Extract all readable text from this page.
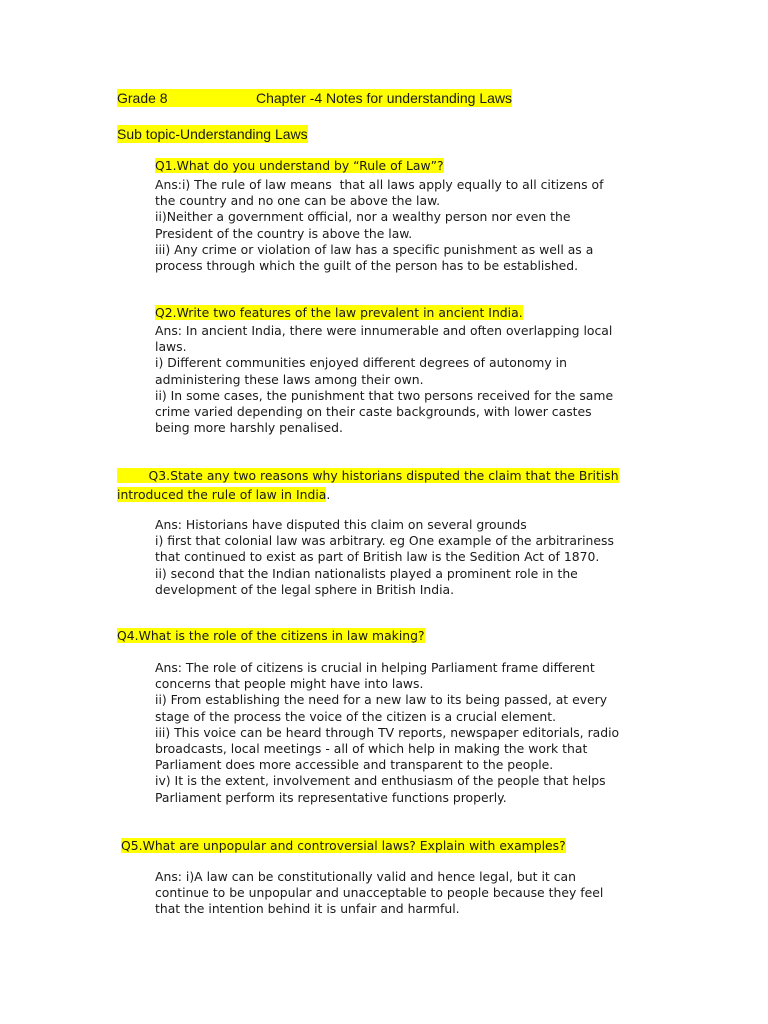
Grade 8	Chapter -4 Notes for understanding Laws
Sub topic-Understanding Laws
Q1.What do you understand by “Rule of Law”?
Ans:i) The rule of law means  that all laws apply equally to all citizens of
the country and no one can be above the law.
ii)Neither a government official, nor a wealthy person nor even the
President of the country is above the law.
iii) Any crime or violation of law has a specific punishment as well as a
process through which the guilt of the person has to be established.
Q2.Write two features of the law prevalent in ancient India.
Ans: In ancient India, there were innumerable and often overlapping local
laws.
i) Different communities enjoyed different degrees of autonomy in
administering these laws among their own.
ii) In some cases, the punishment that two persons received for the same
crime varied depending on their caste backgrounds, with lower castes
being more harshly penalised.
Q3.State any two reasons why historians disputed the claim that the British
introduced the rule of law in India.
Ans: Historians have disputed this claim on several grounds
i) first that colonial law was arbitrary. eg One example of the arbitrariness
that continued to exist as part of British law is the Sedition Act of 1870.
ii) second that the Indian nationalists played a prominent role in the
development of the legal sphere in British India.
Q4.What is the role of the citizens in law making?
Ans: The role of citizens is crucial in helping Parliament frame different
concerns that people might have into laws.
ii) From establishing the need for a new law to its being passed, at every
stage of the process the voice of the citizen is a crucial element.
iii) This voice can be heard through TV reports, newspaper editorials, radio
broadcasts, local meetings - all of which help in making the work that
Parliament does more accessible and transparent to the people.
iv) It is the extent, involvement and enthusiasm of the people that helps
Parliament perform its representative functions properly.
Q5.What are unpopular and controversial laws? Explain with examples?
Ans: i)A law can be constitutionally valid and hence legal, but it can
continue to be unpopular and unacceptable to people because they feel
that the intention behind it is unfair and harmful.
